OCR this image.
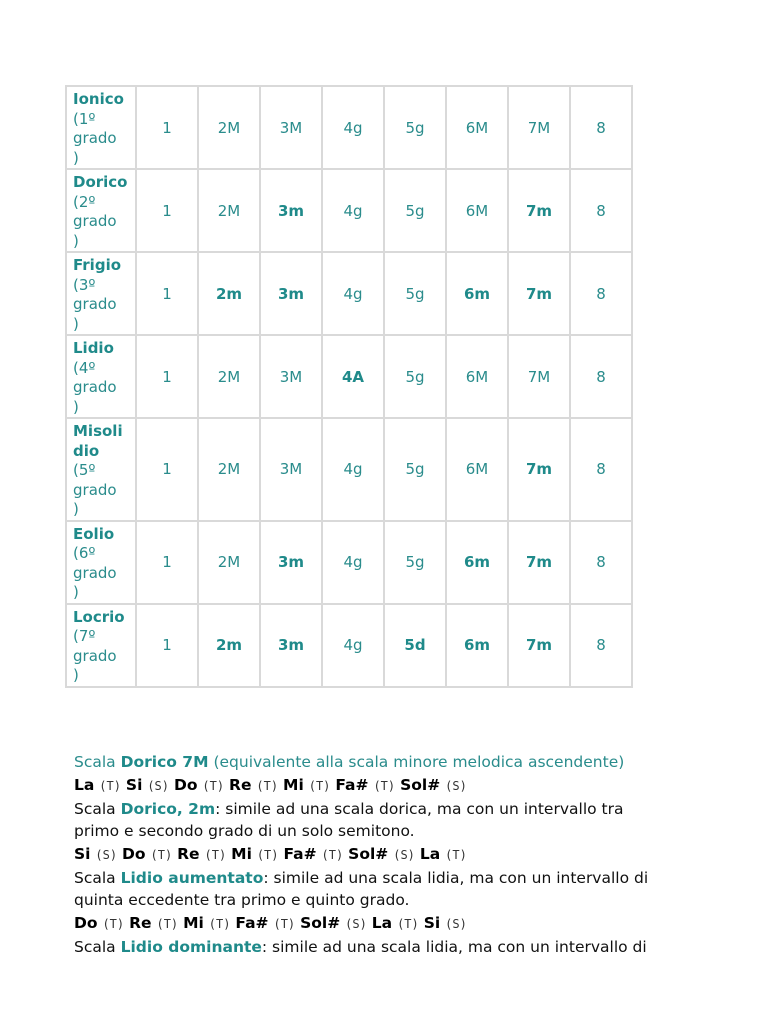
Ionico
(1º
grado
)	1	2M	3M	4g	5g	6M	7M	8
Dorico
(2º
grado
)	1	2M	3m	4g	5g	6M	7m	8
Frigio
(3º
grado
)	1	2m	3m	4g	5g	6m	7m	8
Lidio
(4º
grado
)	1	2M	3M	4A	5g	6M	7M	8
Misoli
dio
(5º
grado
)	1	2M	3M	4g	5g	6M	7m	8
Eolio
(6º
grado
)	1	2M	3m	4g	5g	6m	7m	8
Locrio
(7º
grado
)	1	2m	3m	4g	5d	6m	7m	8

Scala Dorico 7M (equivalente alla scala minore melodica ascendente)

La (T) Si (S) Do (T) Re (T) Mi (T) Fa# (T) Sol# (S)

Scala Dorico, 2m: simile ad una scala dorica, ma con un intervallo tra
primo e secondo grado di un solo semitono.

Si (S) Do (T) Re (T) Mi (T) Fa# (T) Sol# (S) La (T)

Scala Lidio aumentato: simile ad una scala lidia, ma con un intervallo di
quinta eccedente tra primo e quinto grado.

Do (T) Re (T) Mi (T) Fa# (T) Sol# (S) La (T) Si (S)

Scala Lidio dominante: simile ad una scala lidia, ma con un intervallo di
